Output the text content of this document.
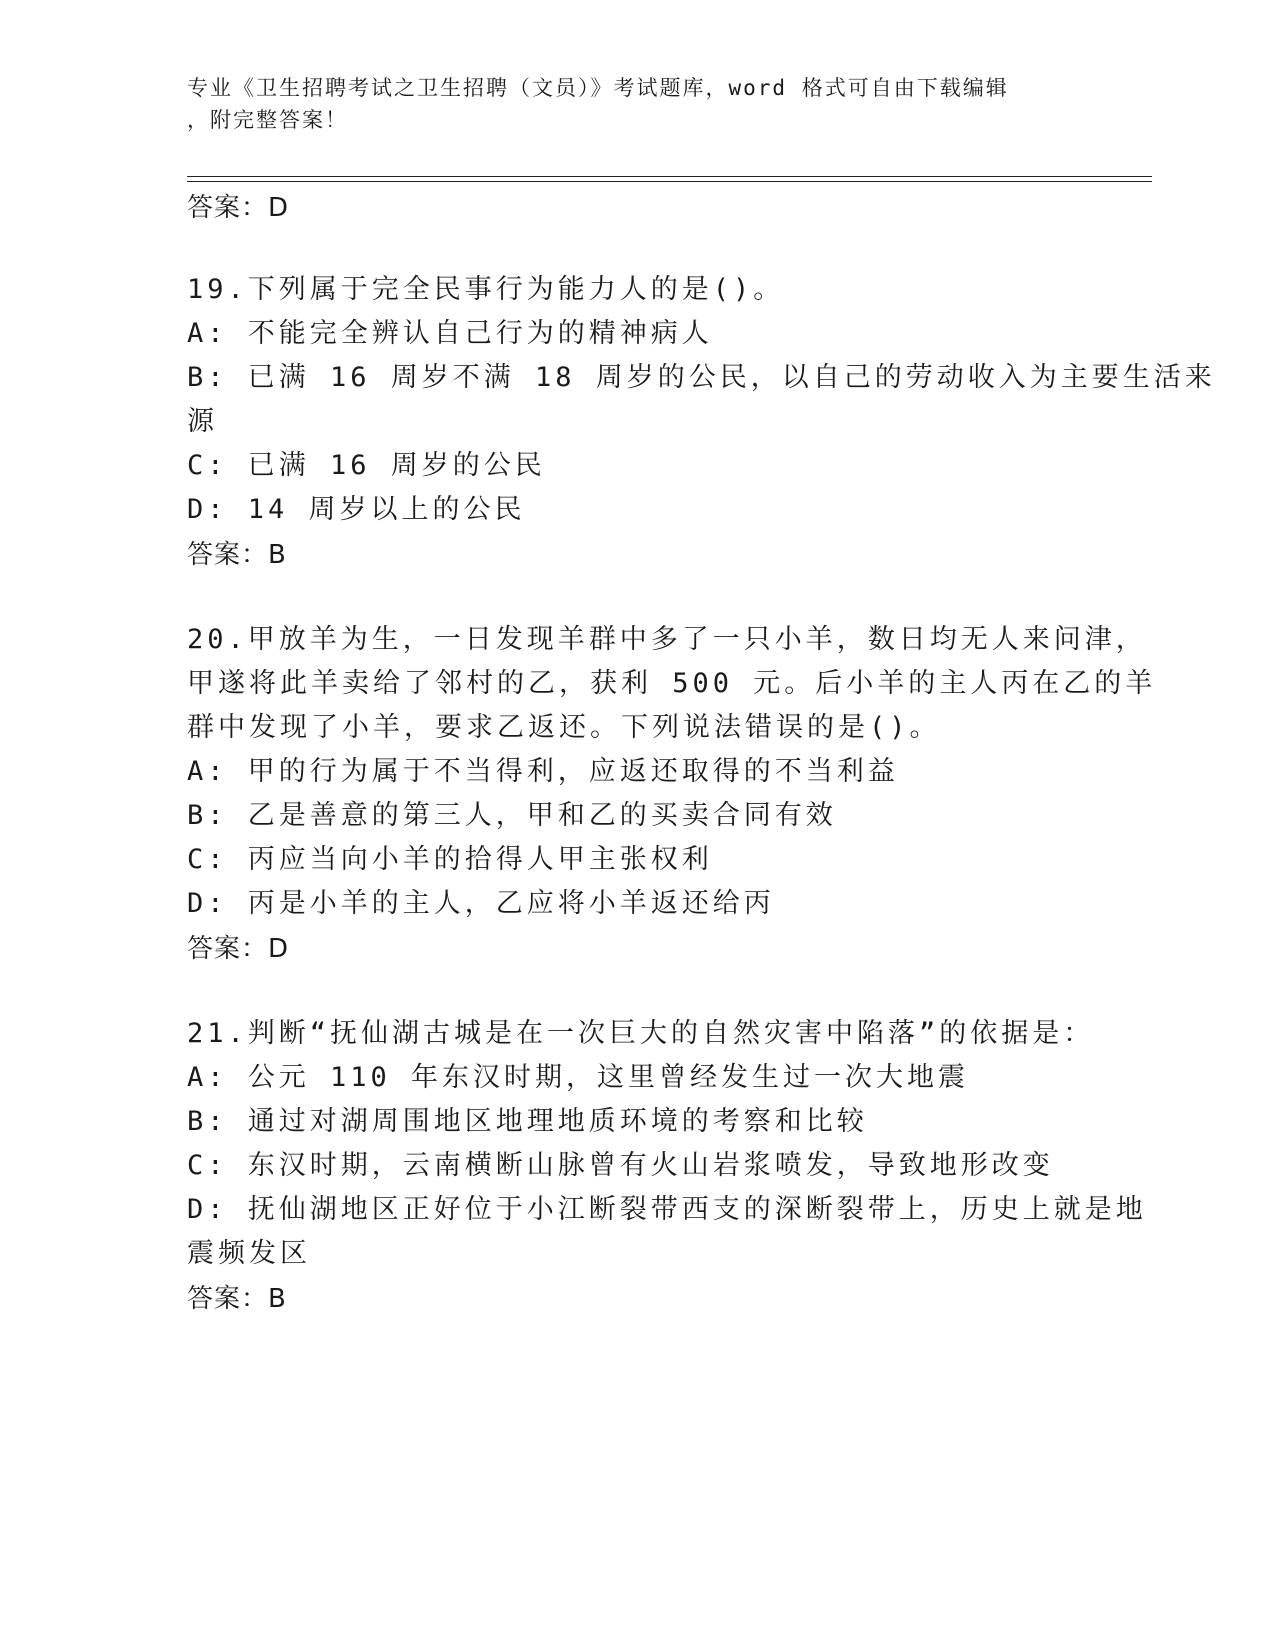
专业《卫生招聘考试之卫生招聘（文员）》考试题库，word 格式可自由下载编辑
，附完整答案！
答案：D
19.下列属于完全民事行为能力人的是()。
A: 不能完全辨认自己行为的精神病人
B: 已满 16 周岁不满 18 周岁的公民，以自己的劳动收入为主要生活来
源
C: 已满 16 周岁的公民
D: 14 周岁以上的公民
答案：B
20.甲放羊为生，一日发现羊群中多了一只小羊，数日均无人来问津，
甲遂将此羊卖给了邻村的乙，获利 500 元。后小羊的主人丙在乙的羊
群中发现了小羊，要求乙返还。下列说法错误的是()。
A: 甲的行为属于不当得利，应返还取得的不当利益
B: 乙是善意的第三人，甲和乙的买卖合同有效
C: 丙应当向小羊的拾得人甲主张权利
D: 丙是小羊的主人，乙应将小羊返还给丙
答案：D
21.判断“抚仙湖古城是在一次巨大的自然灾害中陷落”的依据是：
A: 公元 110 年东汉时期，这里曾经发生过一次大地震
B: 通过对湖周围地区地理地质环境的考察和比较
C: 东汉时期，云南横断山脉曾有火山岩浆喷发，导致地形改变
D: 抚仙湖地区正好位于小江断裂带西支的深断裂带上，历史上就是地
震频发区
答案：B
